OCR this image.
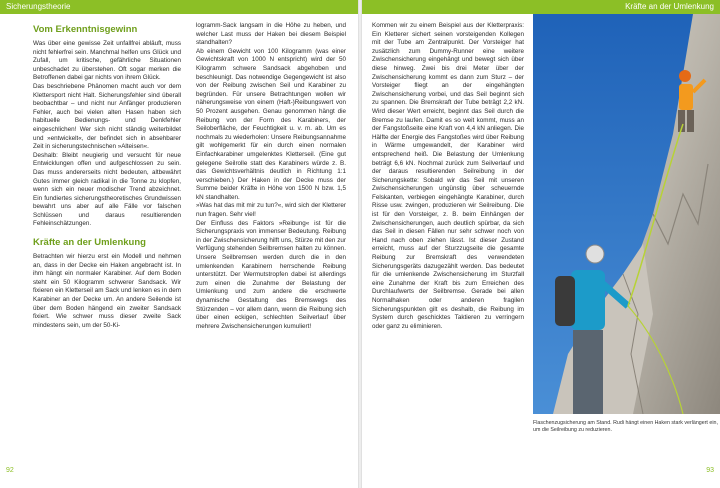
Sicherungstheorie
Vom Erkenntnisgewinn

Was über eine gewisse Zeit unfallfrei abläuft, muss nicht fehlerfrei sein. Manchmal helfen uns Glück und Zufall, um kritische, gefährliche Situationen unbeschadet zu überstehen. Oft sogar merken die Betroffenen dabei gar nichts von ihrem Glück.

Das beschriebene Phänomen macht auch vor dem Klettersport nicht Halt. Sicherungsfehler sind überall beobachtbar – und nicht nur Anfänger produzieren Fehler, auch bei vielen alten Hasen haben sich habituelle Bedienungs- und Denkfehler eingeschlichen! Wer sich nicht ständig weiterbildet und »entwickelt«, der befindet sich in absehbarer Zeit in sicherungstechnischen »Alteisen«.

Deshalb: Bleibt neugierig und versucht für neue Entwicklungen offen und aufgeschlossen zu sein. Das muss andererseits nicht bedeuten, altbewährt Gutes immer gleich radikal in die Tonne zu klopfen, wenn sich ein neuer modischer Trend abzeichnet. Ein fundiertes sicherungstheoretisches Grundwissen bewahrt uns aber auf alle Fälle vor falschen Schlüssen und daraus resultierenden Fehleinschätzungen.

Kräfte an der Umlenkung

Betrachten wir hierzu erst ein Modell und nehmen an, dass in der Decke ein Haken angebracht ist. In ihm hängt ein normaler Karabiner. Auf dem Boden steht ein 50 Kilogramm schwerer Sandsack. Wir fixieren ein Kletterseil am Sack und lenken es in dem Karabiner an der Decke um. An andere Seilende ist über dem Boden hängend ein zweiter Sandsack fixiert. Wie schwer muss dieser zweite Sack mindestens sein, um der 50-Ki-

logramm-Sack langsam in die Höhe zu heben, und welcher Last muss der Haken bei diesem Beispiel standhalten?

Ab einem Gewicht von 100 Kilogramm (was einer Gewichtskraft von 1000 N entspricht) wird der 50 Kilogramm schwere Sandsack abgehoben und beschleunigt. Das notwendige Gegengewicht ist also von der Reibung zwischen Seil und Karabiner zu begründen. Für unsere Betrachtungen wollen wir näherungsweise von einem (Haft-)Reibungswert von 50 Prozent ausgehen. Genau genommen hängt die Reibung von der Form des Karabiners, der Seiloberfläche, der Feuchtigkeit u. v. m. ab. Um es nochmals zu wiederholen: Unsere Reibungsannahme gilt wohlgemerkt für ein durch einen normalen Einfachkarabiner umgelenktes Kletterseil. (Eine gut gelegene Seilrolle statt des Karabiners würde z. B. das Gewichtsverhältnis deutlich in Richtung 1:1 verschieben.) Der Haken in der Decke muss der Summe beider Kräfte in Höhe von 1500 N bzw. 1,5 kN standhalten.

»Was hat das mit mir zu tun?«, wird sich der Kletterer nun fragen. Sehr viel!

Der Einfluss des Faktors »Reibung« ist für die Sicherungspraxis von immenser Bedeutung. Reibung in der Zwischensicherung hilft uns, Stürze mit den zur Verfügung stehenden Seilbremsen halten zu können. Unsere Seilbremsen werden durch die in den umlenkenden Karabinern herrschende Reibung unterstützt. Der Wermutstropfen dabei ist allerdings zum einen die Zunahme der Belastung der Umlenkung und zum andere die erschwerte dynamische Gestaltung des Bremswegs des Stürzenden – vor allem dann, wenn die Reibung sich über einen eckigen, schlechten Seilverlauf über mehrere Zwischensicherungen kumuliert!

92
Kräfte an der Umlenkung

Kommen wir zu einem Beispiel aus der Kletterpraxis: Ein Kletterer sichert seinen vorsteigenden Kollegen mit der Tube am Zentralpunkt. Der Vorsteiger hat zusätzlich zum Dummy-Runner eine weitere Zwischensicherung eingehängt und bewegt sich über diese hinweg. Zwei bis drei Meter über der Zwischensicherung kommt es dann zum Sturz – der Vorsteiger fliegt an der eingehängten Zwischensicherung vorbei, und das Seil beginnt sich zu spannen. Die Bremskraft der Tube beträgt 2,2 kN. Wird dieser Wert erreicht, beginnt das Seil durch die Bremse zu laufen. Damit es so weit kommt, muss an der Fangstoßseite eine Kraft von 4,4 kN anliegen. Die Hälfte der Energie des Fangstoßes wird über Reibung in Wärme umgewandelt, der Karabiner wird entsprechend heiß. Die Belastung der Umlenkung beträgt 6,6 kN. Nochmal zurück zum Seilverlauf und der daraus resultierenden Seilreibung in der Sicherungskette: Sobald wir das Seil mit unseren Zwischensicherungen ungünstig über scheuernde Felskanten, verbiegen eingehängte Karabiner, durch Risse usw. zwingen, produzieren wir Seilreibung. Die ist für den Vorsteiger, z. B. beim Einhängen der Zwischensicherungen, auch deutlich spürbar, da sich das Seil in diesen Fällen nur sehr schwer noch von Hand nach oben ziehen lässt. Ist dieser Zustand erreicht, muss auf der Sturzzugseite die gesamte Reibung zur Bremskraft des verwendeten Sicherungsgeräts dazugezählt werden. Das bedeutet für die umlenkende Zwischensicherung im Sturzfall eine Zunahme der Kraft bis zum Erreichen des Durchlaufwerts der Seilbremse. Gerade bei allen Normalhaken oder anderen fragilen Sicherungspunkten gilt es deshalb, die Reibung im System durch geschicktes Taktieren zu verringern oder ganz zu eliminieren.

Flaschenzugsicherung am Stand. Rudi hängt einen Haken stark verlängert ein, um die Seilreibung zu reduzieren.
93
